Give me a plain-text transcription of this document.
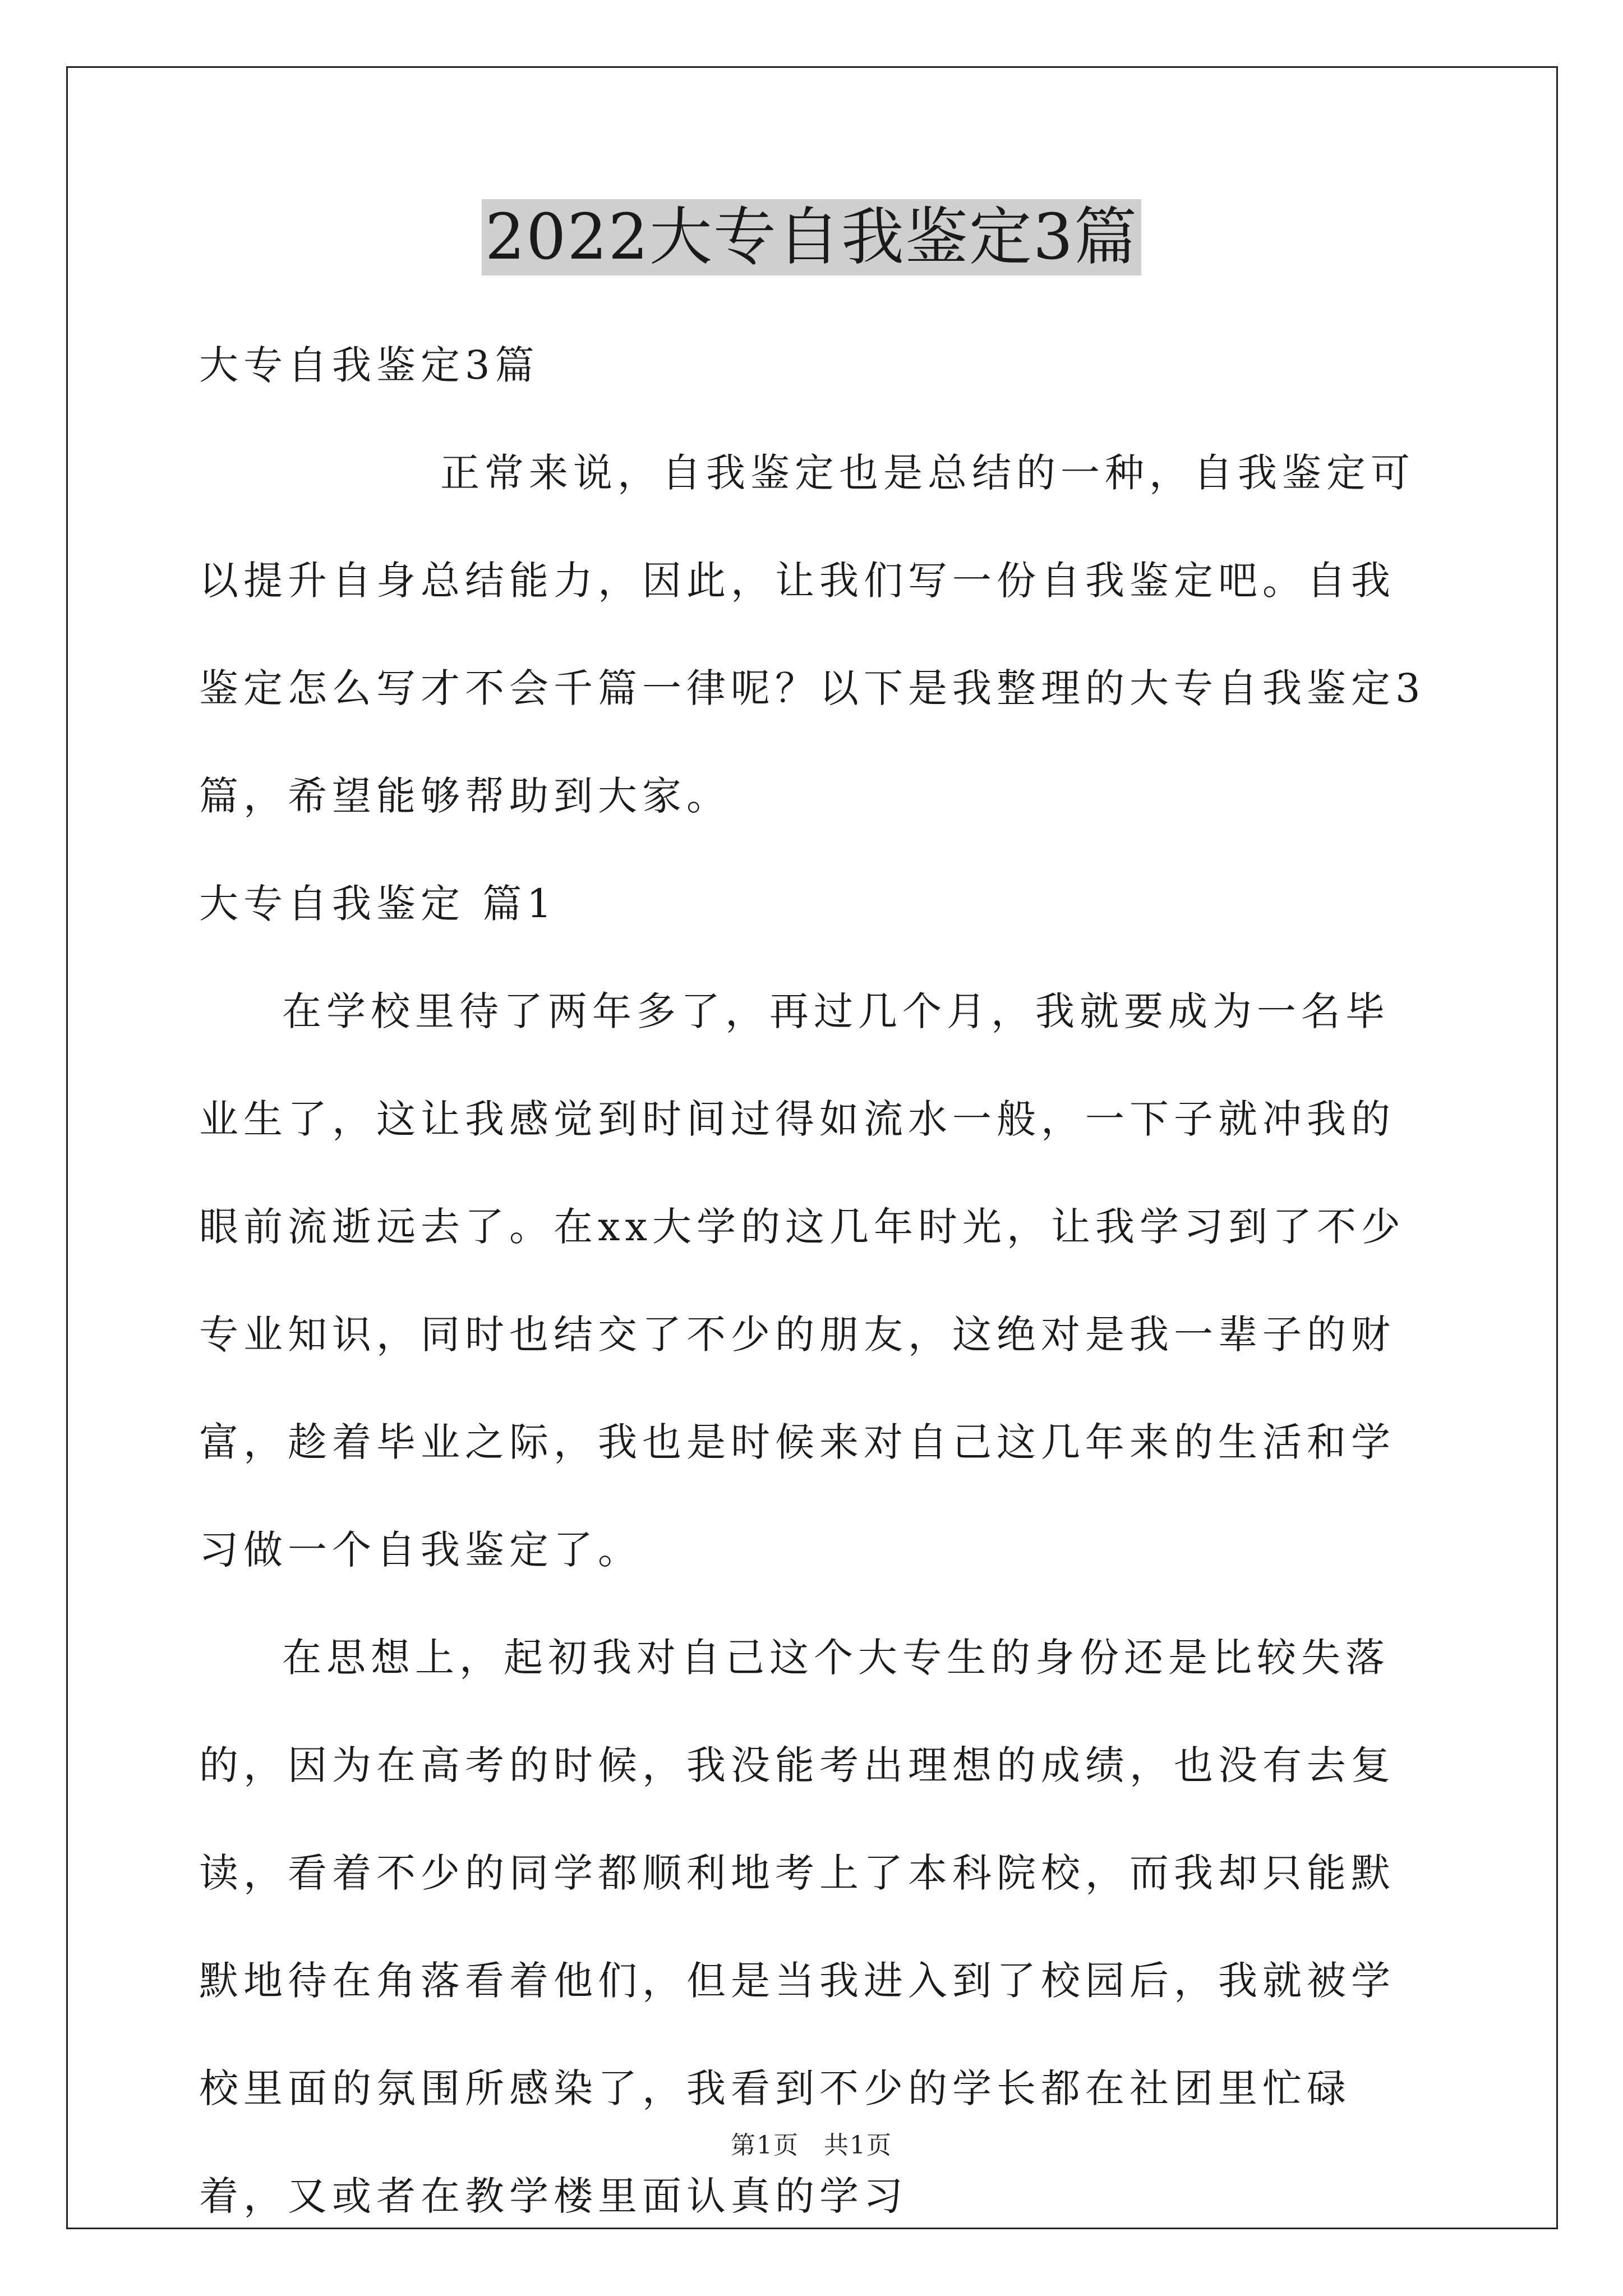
2022大专自我鉴定3篇

大专自我鉴定3篇

正常来说，自我鉴定也是总结的一种，自我鉴定可以提升自身总结能力，因此，让我们写一份自我鉴定吧。自我鉴定怎么写才不会千篇一律呢？以下是我整理的大专自我鉴定3篇，希望能够帮助到大家。

大专自我鉴定 篇1

在学校里待了两年多了，再过几个月，我就要成为一名毕业生了，这让我感觉到时间过得如流水一般，一下子就冲我的眼前流逝远去了。在xx大学的这几年时光，让我学习到了不少专业知识，同时也结交了不少的朋友，这绝对是我一辈子的财富，趁着毕业之际，我也是时候来对自己这几年来的生活和学习做一个自我鉴定了。

在思想上，起初我对自己这个大专生的身份还是比较失落的，因为在高考的时候，我没能考出理想的成绩，也没有去复读，看着不少的同学都顺利地考上了本科院校，而我却只能默默地待在角落看着他们，但是当我进入到了校园后，我就被学校里面的氛围所感染了，我看到不少的学长都在社团里忙碌着，又或者在教学楼里面认真的学习

第1页 共1页
